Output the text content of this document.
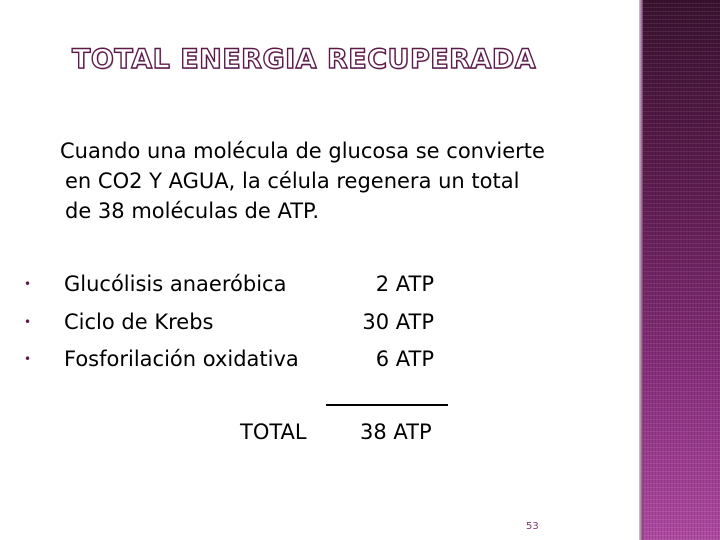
TOTAL ENERGIA RECUPERADA
Cuando una molécula de glucosa se convierte
en CO2 Y AGUA, la célula regenera un total
de 38 moléculas de ATP.
• Glucólisis anaeróbica	2 ATP
• Ciclo de Krebs	30 ATP
• Fosforilación oxidativa	6 ATP
TOTAL	38 ATP
53
